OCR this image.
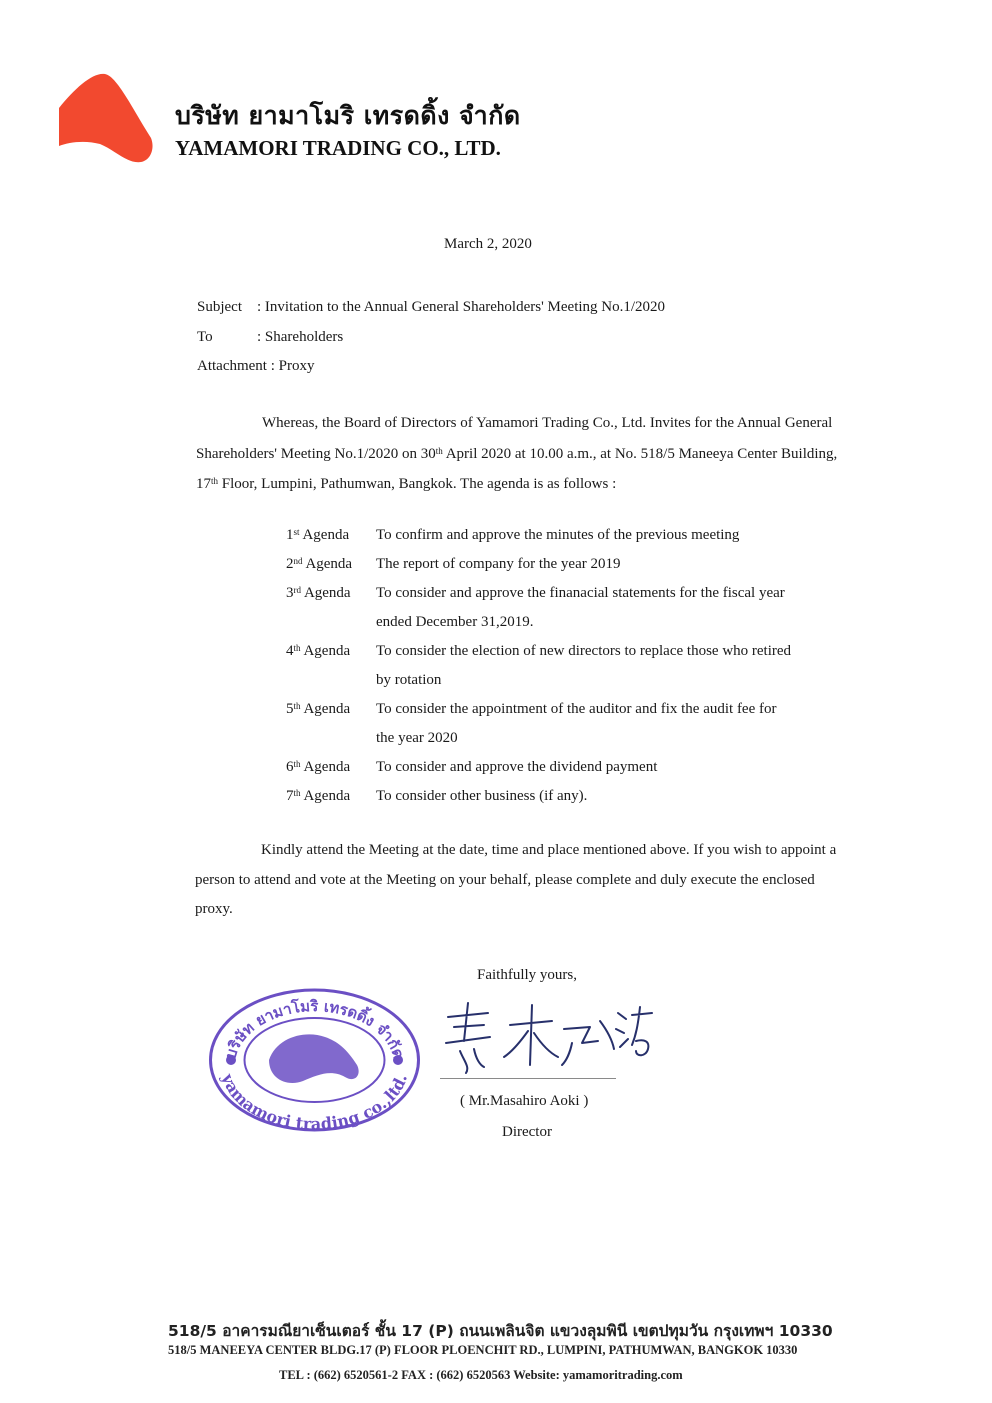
บริษัท ยามาโมริ เทรดดิ้ง จำกัด
YAMAMORI TRADING CO., LTD.
March 2, 2020
Subject : Invitation to the Annual General Shareholders' Meeting No.1/2020
To	: Shareholders
Attachment : Proxy
Whereas, the Board of Directors of Yamamori Trading Co., Ltd. Invites for the Annual General Shareholders' Meeting No.1/2020 on 30th April 2020 at 10.00 a.m., at No. 518/5 Maneeya Center Building, 17th Floor, Lumpini, Pathumwan, Bangkok. The agenda is as follows :
1st Agenda	To confirm and approve the minutes of the previous meeting
2nd Agenda	The report of company for the year 2019
3rd Agenda	To consider and approve the finanacial statements for the fiscal year ended December 31,2019.
4th Agenda	To consider the election of new directors to replace those who retired by rotation
5th Agenda	To consider the appointment of the auditor and fix the audit fee for the year 2020
6th Agenda	To consider and approve the dividend payment
7th Agenda	To consider other business (if any).
Kindly attend the Meeting at the date, time and place mentioned above. If you wish to appoint a person to attend and vote at the Meeting on your behalf, please complete and duly execute the enclosed proxy.
Faithfully yours,
บริษัท ยามาโมริ เทรดดิ้ง จำกัด
yamamori trading co.,ltd.
( Mr.Masahiro Aoki )
Director
518/5 อาคารมณียาเซ็นเตอร์ ชั้น 17 (P) ถนนเพลินจิต แขวงลุมพินี เขตปทุมวัน กรุงเทพฯ 10330
518/5 MANEEYA CENTER BLDG.17 (P) FLOOR PLOENCHIT RD., LUMPINI, PATHUMWAN, BANGKOK 10330
TEL : (662) 6520561-2 FAX : (662) 6520563 Website: yamamoritrading.com
